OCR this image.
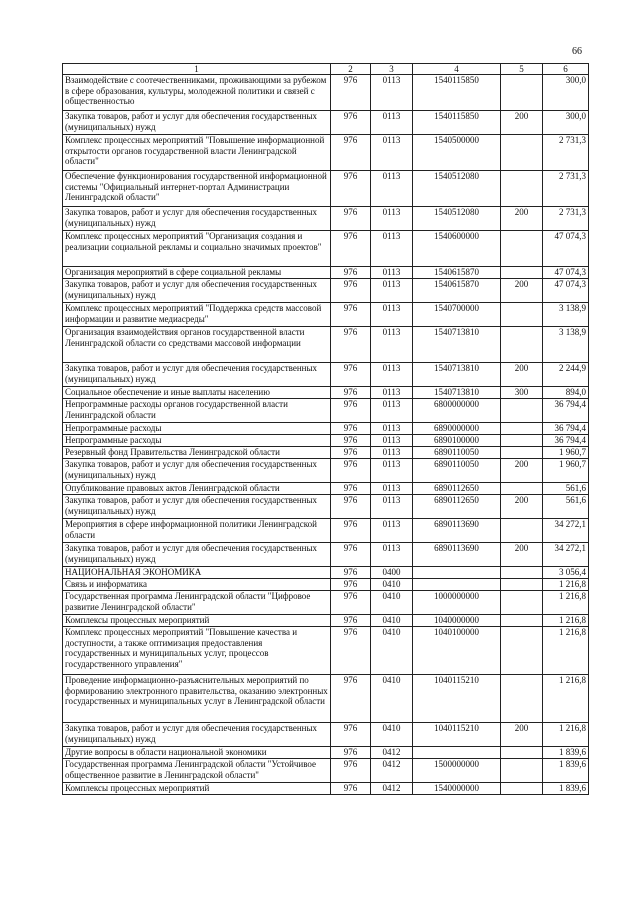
66
1	2	3	4	5	6
Взаимодействие с соотечественниками, проживающими за рубежом в сфере образования, культуры, молодежной политики и связей с общественностью	976	0113	1540115850		300,0
Закупка товаров, работ и услуг для обеспечения государственных (муниципальных) нужд	976	0113	1540115850	200	300,0
Комплекс процессных мероприятий "Повышение информационной открытости органов государственной власти Ленинградской области"	976	0113	1540500000		2 731,3
Обеспечение функционирования государственной информационной системы "Официальный интернет-портал Администрации Ленинградской области"	976	0113	1540512080		2 731,3
Закупка товаров, работ и услуг для обеспечения государственных (муниципальных) нужд	976	0113	1540512080	200	2 731,3
Комплекс процессных мероприятий "Организация создания и реализации социальной рекламы и социально значимых проектов"	976	0113	1540600000		47 074,3
Организация мероприятий в сфере социальной рекламы	976	0113	1540615870		47 074,3
Закупка товаров, работ и услуг для обеспечения государственных (муниципальных) нужд	976	0113	1540615870	200	47 074,3
Комплекс процессных мероприятий "Поддержка средств массовой информации и развитие медиасреды"	976	0113	1540700000		3 138,9
Организация взаимодействия органов государственной власти Ленинградской области со средствами массовой информации	976	0113	1540713810		3 138,9
Закупка товаров, работ и услуг для обеспечения государственных (муниципальных) нужд	976	0113	1540713810	200	2 244,9
Социальное обеспечение и иные выплаты населению	976	0113	1540713810	300	894,0
Непрограммные расходы органов государственной власти Ленинградской области	976	0113	6800000000		36 794,4
Непрограммные расходы	976	0113	6890000000		36 794,4
Непрограммные расходы	976	0113	6890100000		36 794,4
Резервный фонд Правительства Ленинградской области	976	0113	6890110050		1 960,7
Закупка товаров, работ и услуг для обеспечения государственных (муниципальных) нужд	976	0113	6890110050	200	1 960,7
Опубликование правовых актов Ленинградской области	976	0113	6890112650		561,6
Закупка товаров, работ и услуг для обеспечения государственных (муниципальных) нужд	976	0113	6890112650	200	561,6
Мероприятия в сфере информационной политики Ленинградской области	976	0113	6890113690		34 272,1
Закупка товаров, работ и услуг для обеспечения государственных (муниципальных) нужд	976	0113	6890113690	200	34 272,1
НАЦИОНАЛЬНАЯ ЭКОНОМИКА	976	0400			3 056,4
Связь и информатика	976	0410			1 216,8
Государственная программа Ленинградской области "Цифровое развитие Ленинградской области"	976	0410	1000000000		1 216,8
Комплексы процессных мероприятий	976	0410	1040000000		1 216,8
Комплекс процессных мероприятий "Повышение качества и доступности, а также оптимизация предоставления государственных и муниципальных услуг, процессов государственного управления"	976	0410	1040100000		1 216,8
Проведение информационно-разъяснительных мероприятий по формированию электронного правительства, оказанию электронных государственных и муниципальных услуг в Ленинградской области	976	0410	1040115210		1 216,8
Закупка товаров, работ и услуг для обеспечения государственных (муниципальных) нужд	976	0410	1040115210	200	1 216,8
Другие вопросы в области национальной экономики	976	0412			1 839,6
Государственная программа Ленинградской области "Устойчивое общественное развитие в Ленинградской области"	976	0412	1500000000		1 839,6
Комплексы процессных мероприятий	976	0412	1540000000		1 839,6
